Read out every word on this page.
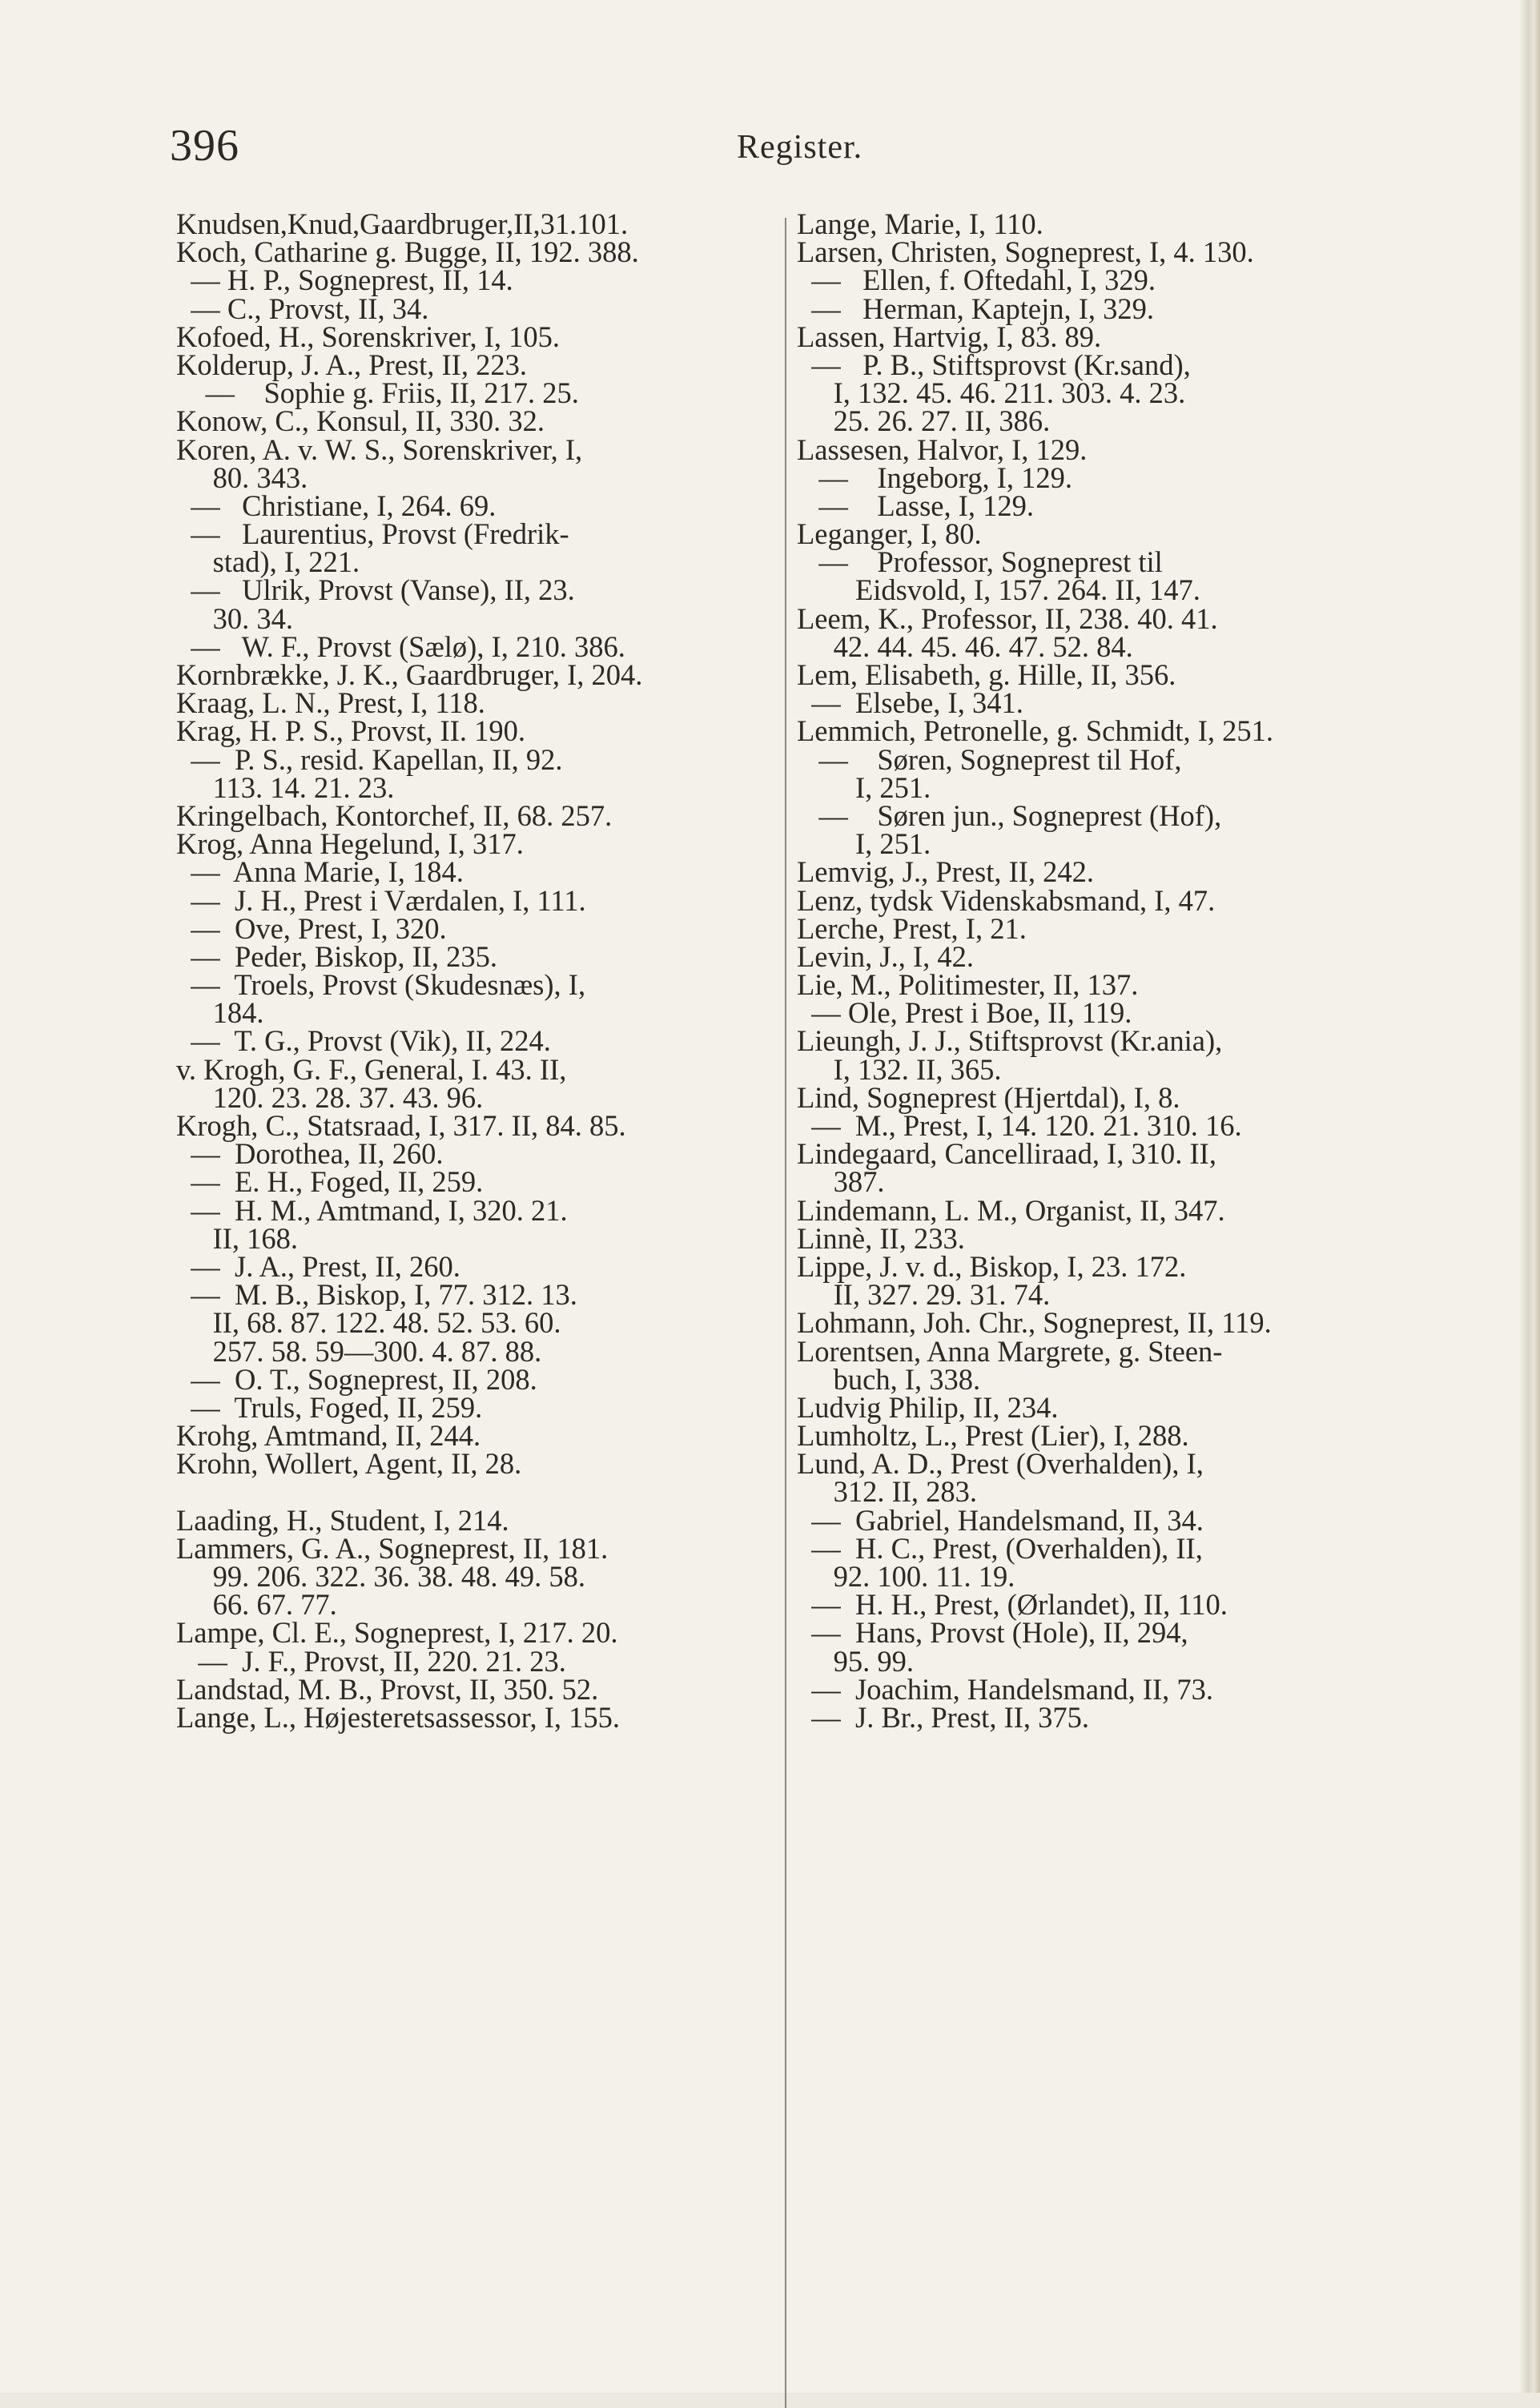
396	Register.
Knudsen,Knud,Gaardbruger,II,31.101.
Koch, Catharine g. Bugge, II, 192. 388.
— H. P., Sogneprest, II, 14.
— C., Provst, II, 34.
Kofoed, H., Sorenskriver, I, 105.
Kolderup, J. A., Prest, II, 223.
—    Sophie g. Friis, II, 217. 25.
Konow, C., Konsul, II, 330. 32.
Koren, A. v. W. S., Sorenskriver, I,
80. 343.
—   Christiane, I, 264. 69.
—   Laurentius, Provst (Fredrik-
stad), I, 221.
—   Ulrik, Provst (Vanse), II, 23.
30. 34.
—   W. F., Provst (Sælø), I, 210. 386.
Kornbrække, J. K., Gaardbruger, I, 204.
Kraag, L. N., Prest, I, 118.
Krag, H. P. S., Provst, II. 190.
—  P. S., resid. Kapellan, II, 92.
113. 14. 21. 23.
Kringelbach, Kontorchef, II, 68. 257.
Krog, Anna Hegelund, I, 317.
—  Anna Marie, I, 184.
—  J. H., Prest i Værdalen, I, 111.
—  Ove, Prest, I, 320.
—  Peder, Biskop, II, 235.
—  Troels, Provst (Skudesnæs), I,
184.
—  T. G., Provst (Vik), II, 224.
v. Krogh, G. F., General, I. 43. II,
120. 23. 28. 37. 43. 96.
Krogh, C., Statsraad, I, 317. II, 84. 85.
—  Dorothea, II, 260.
—  E. H., Foged, II, 259.
—  H. M., Amtmand, I, 320. 21.
II, 168.
—  J. A., Prest, II, 260.
—  M. B., Biskop, I, 77. 312. 13.
II, 68. 87. 122. 48. 52. 53. 60.
257. 58. 59—300. 4. 87. 88.
—  O. T., Sogneprest, II, 208.
—  Truls, Foged, II, 259.
Krohg, Amtmand, II, 244.
Krohn, Wollert, Agent, II, 28.
Laading, H., Student, I, 214.
Lammers, G. A., Sogneprest, II, 181.
99. 206. 322. 36. 38. 48. 49. 58.
66. 67. 77.
Lampe, Cl. E., Sogneprest, I, 217. 20.
—  J. F., Provst, II, 220. 21. 23.
Landstad, M. B., Provst, II, 350. 52.
Lange, L., Højesteretsassessor, I, 155.
Lange, Marie, I, 110.
Larsen, Christen, Sogneprest, I, 4. 130.
—   Ellen, f. Oftedahl, I, 329.
—   Herman, Kaptejn, I, 329.
Lassen, Hartvig, I, 83. 89.
—   P. B., Stiftsprovst (Kr.sand),
I, 132. 45. 46. 211. 303. 4. 23.
25. 26. 27. II, 386.
Lassesen, Halvor, I, 129.
—    Ingeborg, I, 129.
—    Lasse, I, 129.
Leganger, I, 80.
—    Professor, Sogneprest til
Eidsvold, I, 157. 264. II, 147.
Leem, K., Professor, II, 238. 40. 41.
42. 44. 45. 46. 47. 52. 84.
Lem, Elisabeth, g. Hille, II, 356.
—  Elsebe, I, 341.
Lemmich, Petronelle, g. Schmidt, I, 251.
—    Søren, Sogneprest til Hof,
I, 251.
—    Søren jun., Sogneprest (Hof),
I, 251.
Lemvig, J., Prest, II, 242.
Lenz, tydsk Videnskabsmand, I, 47.
Lerche, Prest, I, 21.
Levin, J., I, 42.
Lie, M., Politimester, II, 137.
— Ole, Prest i Boe, II, 119.
Lieungh, J. J., Stiftsprovst (Kr.ania),
I, 132. II, 365.
Lind, Sogneprest (Hjertdal), I, 8.
—  M., Prest, I, 14. 120. 21. 310. 16.
Lindegaard, Cancelliraad, I, 310. II,
387.
Lindemann, L. M., Organist, II, 347.
Linnè, II, 233.
Lippe, J. v. d., Biskop, I, 23. 172.
II, 327. 29. 31. 74.
Lohmann, Joh. Chr., Sogneprest, II, 119.
Lorentsen, Anna Margrete, g. Steen-
buch, I, 338.
Ludvig Philip, II, 234.
Lumholtz, L., Prest (Lier), I, 288.
Lund, A. D., Prest (Overhalden), I,
312. II, 283.
—  Gabriel, Handelsmand, II, 34.
—  H. C., Prest, (Overhalden), II,
92. 100. 11. 19.
—  H. H., Prest, (Ørlandet), II, 110.
—  Hans, Provst (Hole), II, 294,
95. 99.
—  Joachim, Handelsmand, II, 73.
—  J. Br., Prest, II, 375.
